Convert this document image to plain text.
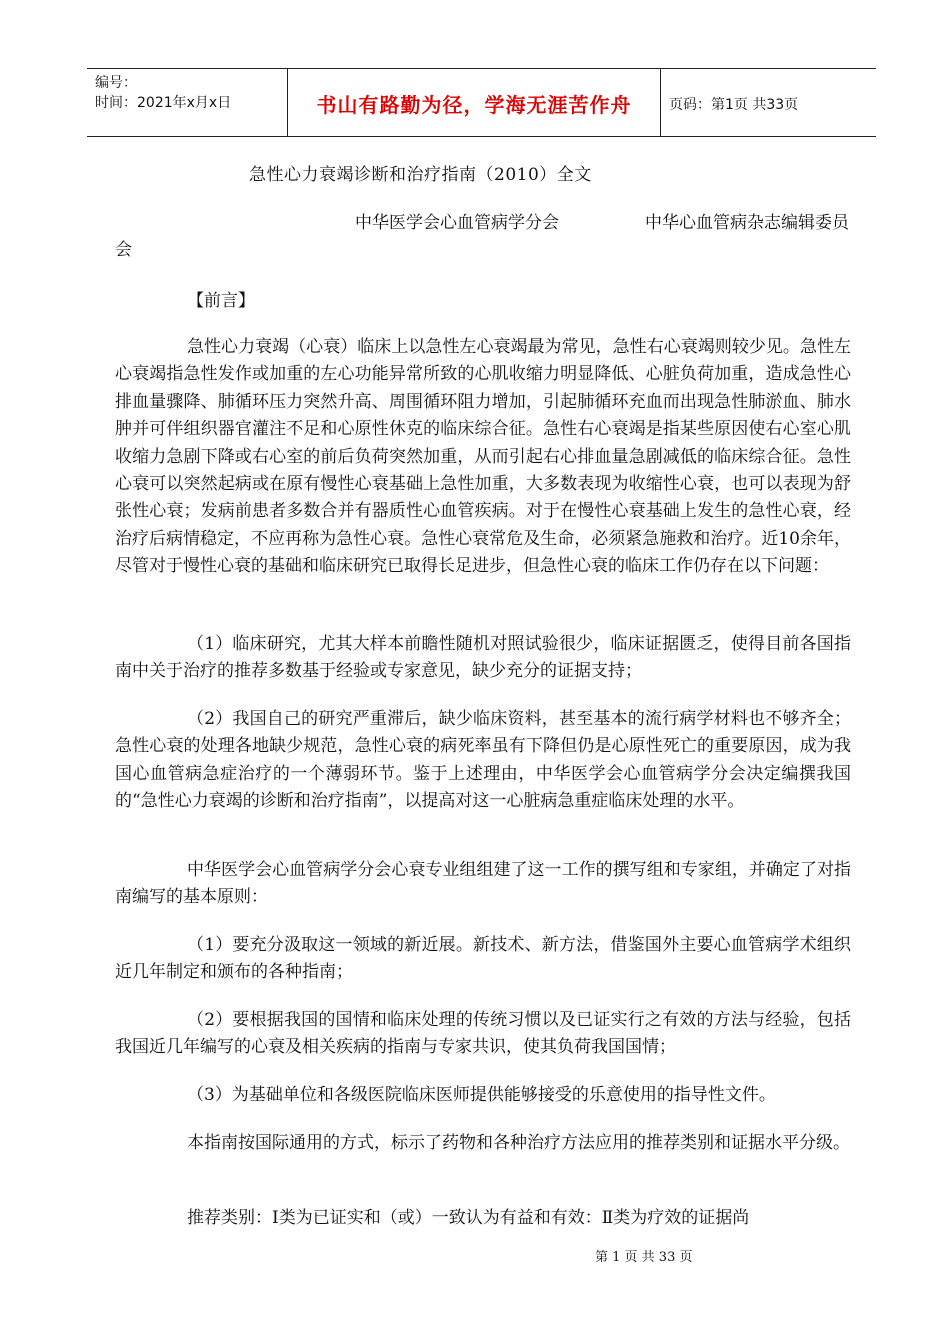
编号：
时间：2021年x月x日	书山有路勤为径，学海无涯苦作舟	页码：第1页 共33页
急性心力衰竭诊断和治疗指南（2010）全文
中华医学会心血管病学分会	中华心血管病杂志编辑委员会
【前言】

急性心力衰竭（心衰）临床上以急性左心衰竭最为常见，急性右心衰竭则较少见。急性左心衰竭指急性发作或加重的左心功能异常所致的心肌收缩力明显降低、心脏负荷加重，造成急性心排血量骤降、肺循环压力突然升高、周围循环阻力增加，引起肺循环充血而出现急性肺淤血、肺水肿并可伴组织器官灌注不足和心原性休克的临床综合征。急性右心衰竭是指某些原因使右心室心肌收缩力急剧下降或右心室的前后负荷突然加重，从而引起右心排血量急剧减低的临床综合征。急性心衰可以突然起病或在原有慢性心衰基础上急性加重，大多数表现为收缩性心衰，也可以表现为舒张性心衰；发病前患者多数合并有器质性心血管疾病。对于在慢性心衰基础上发生的急性心衰，经治疗后病情稳定，不应再称为急性心衰。急性心衰常危及生命，必须紧急施救和治疗。近10余年，尽管对于慢性心衰的基础和临床研究已取得长足进步，但急性心衰的临床工作仍存在以下问题：

（1）临床研究，尤其大样本前瞻性随机对照试验很少，临床证据匮乏，使得目前各国指南中关于治疗的推荐多数基于经验或专家意见，缺少充分的证据支持；

（2）我国自己的研究严重滞后，缺少临床资料，甚至基本的流行病学材料也不够齐全；急性心衰的处理各地缺少规范，急性心衰的病死率虽有下降但仍是心原性死亡的重要原因，成为我国心血管病急症治疗的一个薄弱环节。鉴于上述理由，中华医学会心血管病学分会决定编撰我国的“急性心力衰竭的诊断和治疗指南”，以提高对这一心脏病急重症临床处理的水平。

中华医学会心血管病学分会心衰专业组组建了这一工作的撰写组和专家组，并确定了对指南编写的基本原则：

（1）要充分汲取这一领域的新近展。新技术、新方法，借鉴国外主要心血管病学术组织近几年制定和颁布的各种指南；

（2）要根据我国的国情和临床处理的传统习惯以及已证实行之有效的方法与经验，包括我国近几年编写的心衰及相关疾病的指南与专家共识，使其负荷我国国情；

（3）为基础单位和各级医院临床医师提供能够接受的乐意使用的指导性文件。

本指南按国际通用的方式，标示了药物和各种治疗方法应用的推荐类别和证据水平分级。

推荐类别：Ⅰ类为已证实和（或）一致认为有益和有效：Ⅱ类为疗效的证据尚

第 1 页 共 33 页
